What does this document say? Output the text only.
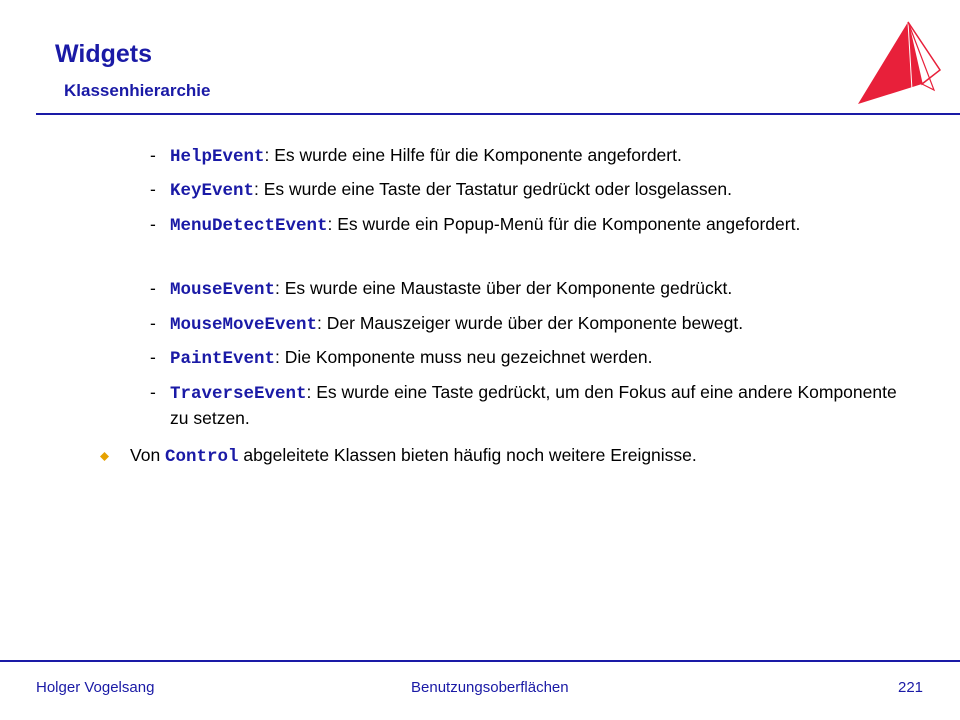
Widgets
Klassenhierarchie
- HelpEvent: Es wurde eine Hilfe für die Komponente angefordert.
- KeyEvent: Es wurde eine Taste der Tastatur gedrückt oder losgelassen.
- MenuDetectEvent: Es wurde ein Popup-Menü für die Komponente angefordert.
- MouseEvent: Es wurde eine Maustaste über der Komponente gedrückt.
- MouseMoveEvent: Der Mauszeiger wurde über der Komponente bewegt.
- PaintEvent: Die Komponente muss neu gezeichnet werden.
- TraverseEvent: Es wurde eine Taste gedrückt, um den Fokus auf eine andere Komponente zu setzen.
Von Control abgeleitete Klassen bieten häufig noch weitere Ereignisse.
Holger Vogelsang	Benutzungsoberflächen	221
